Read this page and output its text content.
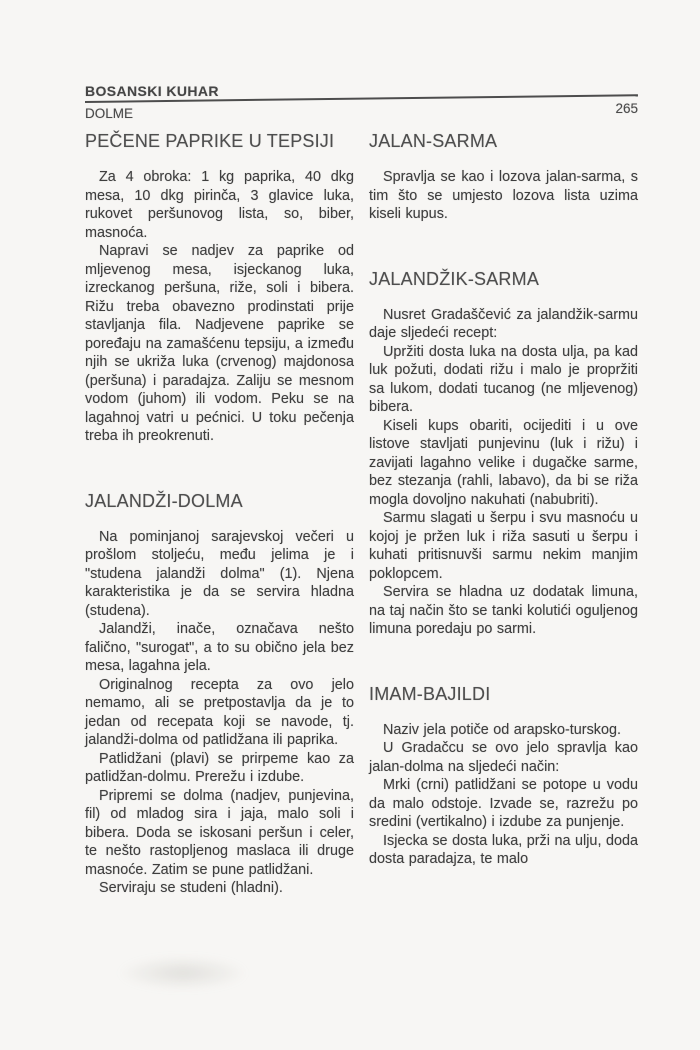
BOSANSKI KUHAR
DOLME	265
PEČENE PAPRIKE U TEPSIJI

Za 4 obroka: 1 kg paprika, 40 dkg mesa, 10 dkg pirinča, 3 glavice luka, rukovet peršunovog lista, so, biber, masnoća.

Napravi se nadjev za paprike od mljevenog mesa, isjeckanog luka, izreckanog peršuna, riže, soli i bibera. Rižu treba obavezno prodinstati prije stavljanja fila. Nadjevene paprike se poređaju na zamašćenu tepsiju, a između njih se ukriža luka (crvenog) majdonosa (peršuna) i paradajza. Zaliju se mesnom vodom (juhom) ili vodom. Peku se na lagahnoj vatri u pećnici. U toku pečenja treba ih preokrenuti.

JALANDŽI-DOLMA

Na pominjanoj sarajevskoj večeri u prošlom stoljeću, među jelima je i "studena jalandži dolma" (1). Njena karakteristika je da se servira hladna (studena).

Jalandži, inače, označava nešto falično, "surogat", a to su obično jela bez mesa, lagahna jela.

Originalnog recepta za ovo jelo nemamo, ali se pretpostavlja da je to jedan od recepata koji se navode, tj. jalandži-dolma od patlidžana ili paprika.

Patlidžani (plavi) se prirpeme kao za patlidžan-dolmu. Prerežu i izdube.

Pripremi se dolma (nadjev, punjevina, fil) od mladog sira i jaja, malo soli i bibera. Doda se iskosani peršun i celer, te nešto rastopljenog maslaca ili druge masnoće. Zatim se pune patlidžani.

Serviraju se studeni (hladni).

JALAN-SARMA

Spravlja se kao i lozova jalan-sarma, s tim što se umjesto lozova lista uzima kiseli kupus.

JALANDŽIK-SARMA

Nusret Gradaščević za jalandžik-sarmu daje sljedeći recept:

Upržiti dosta luka na dosta ulja, pa kad luk požuti, dodati rižu i malo je propržiti sa lukom, dodati tucanog (ne mljevenog) bibera.

Kiseli kups obariti, ocijediti i u ove listove stavljati punjevinu (luk i rižu) i zavijati lagahno velike i dugačke sarme, bez stezanja (rahli, labavo), da bi se riža mogla dovoljno nakuhati (nabubriti).

Sarmu slagati u šerpu i svu masnoću u kojoj je pržen luk i riža sasuti u šerpu i kuhati pritisnuvši sarmu nekim manjim poklopcem.

Servira se hladna uz dodatak limuna, na taj način što se tanki kolutići oguljenog limuna poredaju po sarmi.

IMAM-BAJILDI

Naziv jela potiče od arapsko-turskog.

U Gradačcu se ovo jelo spravlja kao jalan-dolma na sljedeći način:

Mrki (crni) patlidžani se potope u vodu da malo odstoje. Izvade se, razrežu po sredini (vertikalno) i izdube za punjenje.

Isjecka se dosta luka, prži na ulju, doda dosta paradajza, te malo
